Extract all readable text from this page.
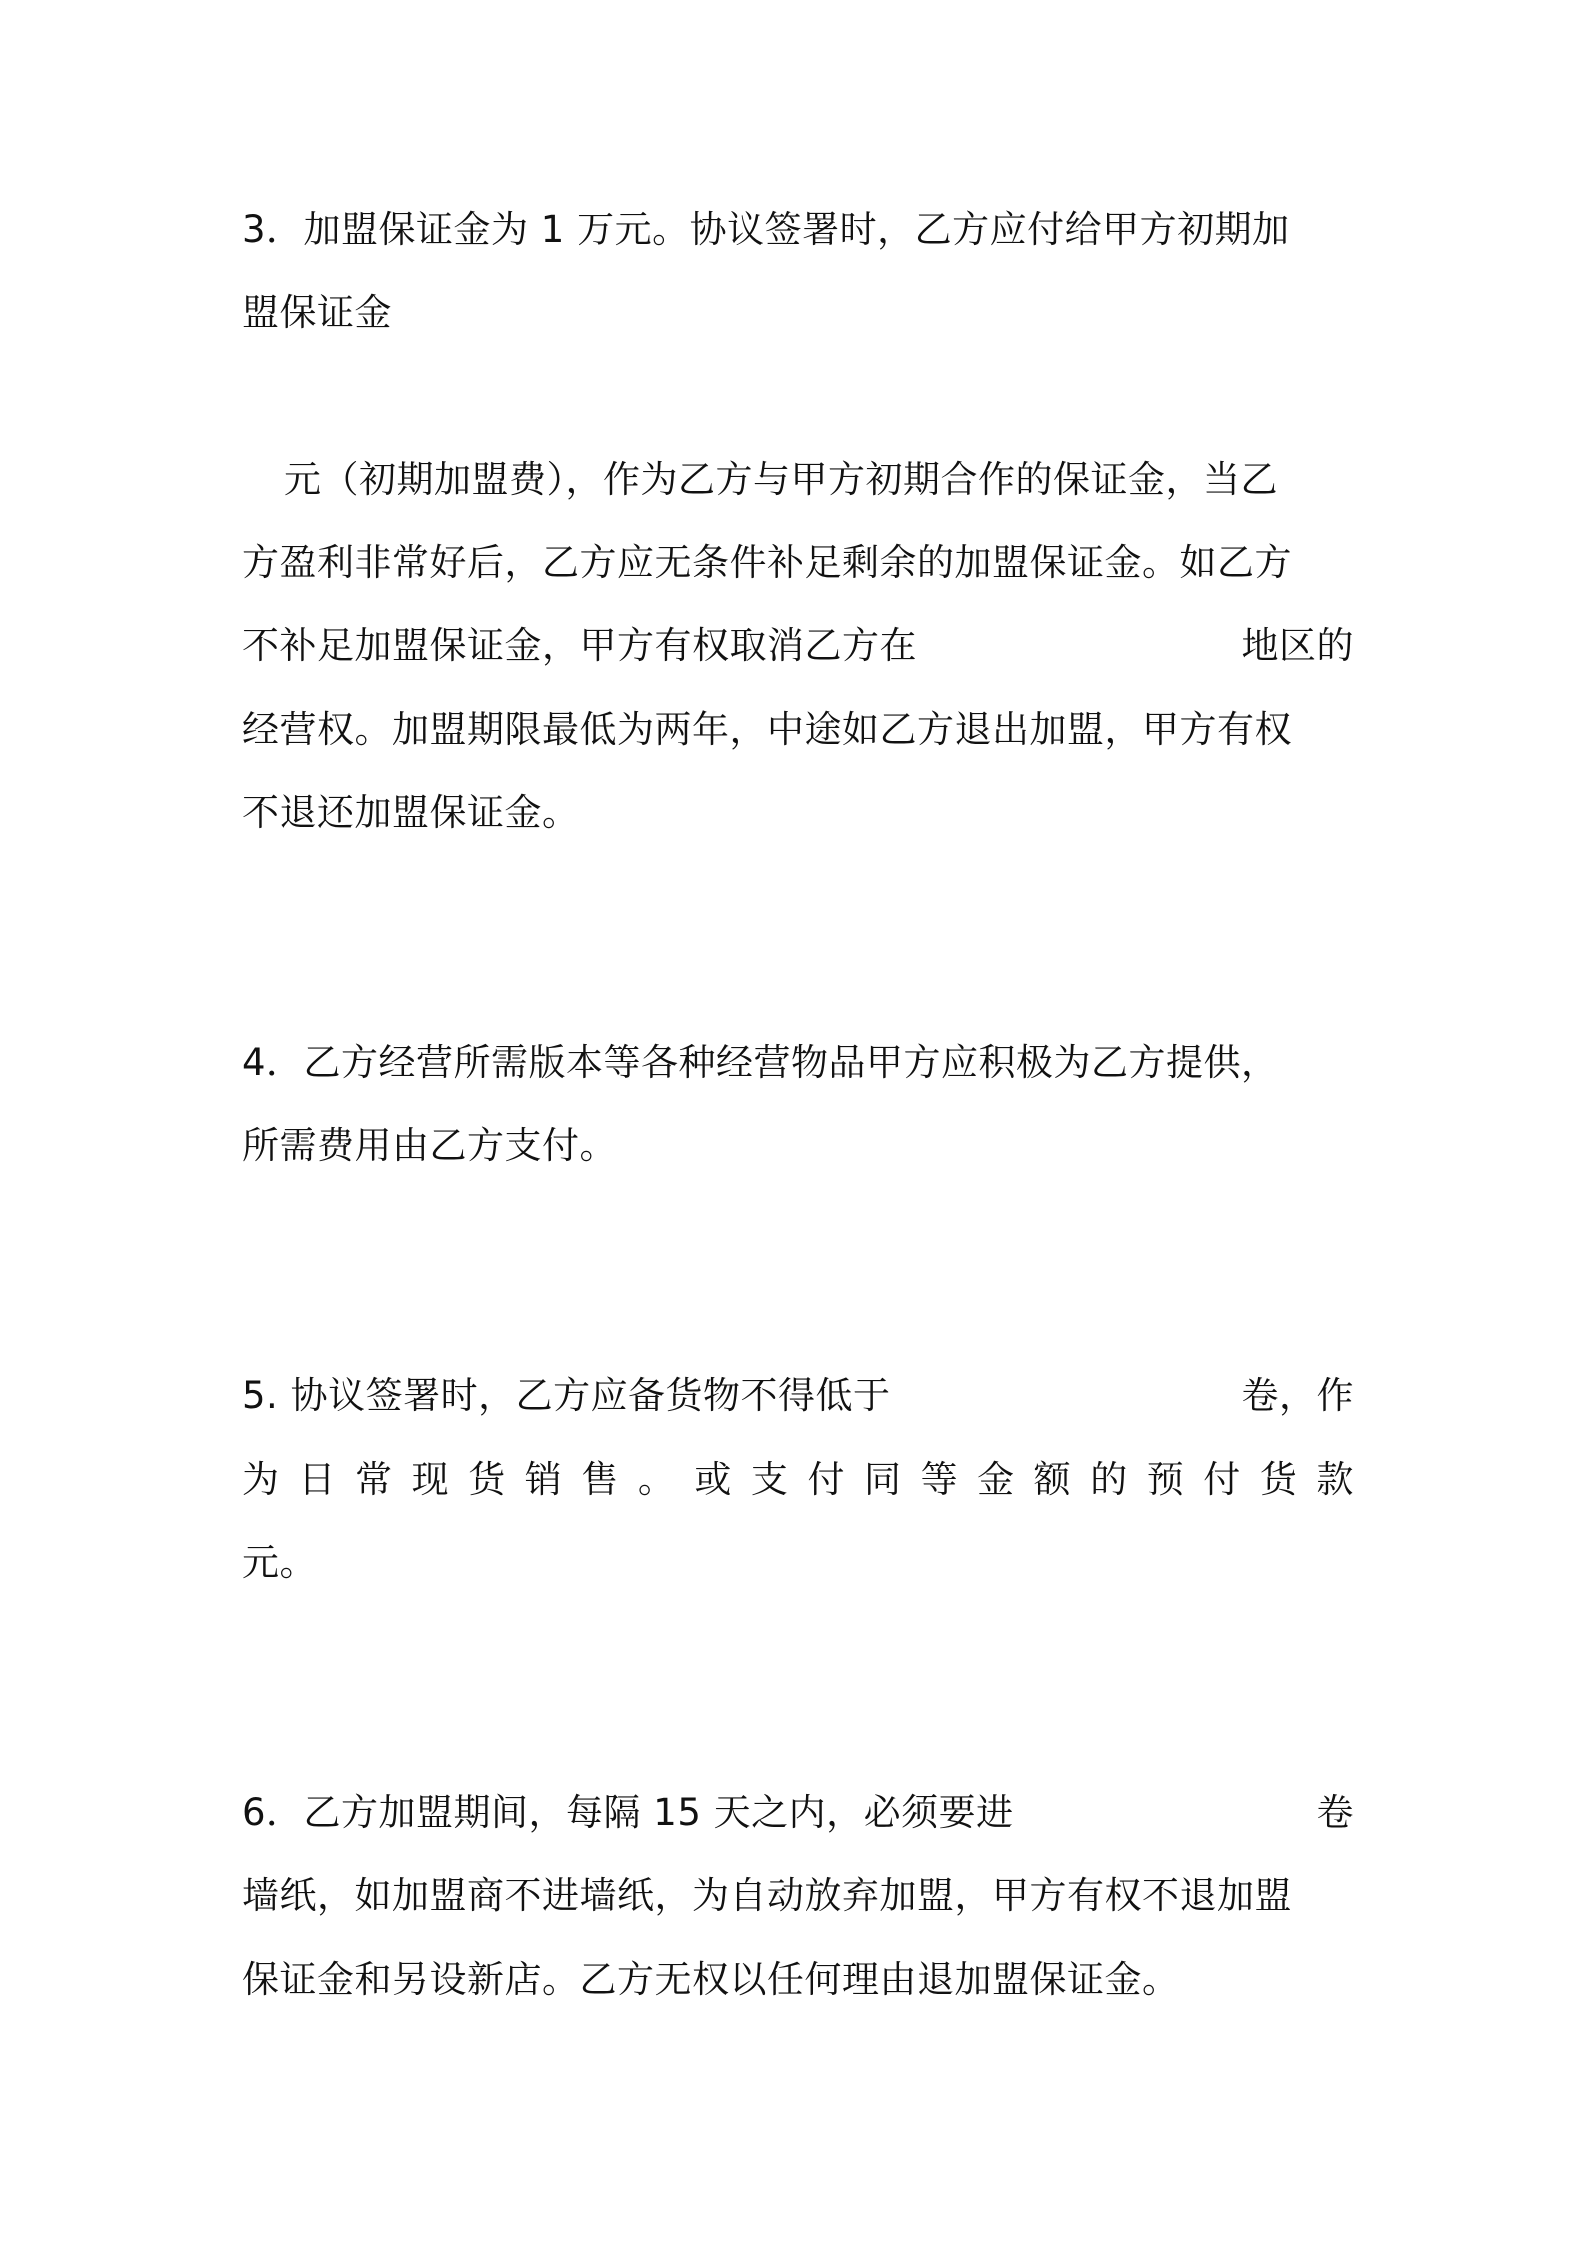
3．加盟保证金为 1 万元。协议签署时，乙方应付给甲方初期加
盟保证金
元（初期加盟费），作为乙方与甲方初期合作的保证金，当乙
方盈利非常好后，乙方应无条件补足剩余的加盟保证金。如乙方
不补足加盟保证金，甲方有权取消乙方在	地区的
经营权。加盟期限最低为两年，中途如乙方退出加盟，甲方有权
不退还加盟保证金。
4．乙方经营所需版本等各种经营物品甲方应积极为乙方提供，
所需费用由乙方支付。
5. 协议签署时，乙方应备货物不得低于	卷，作
为 日 常 现 货 销 售 。 或 支 付 同 等 金 额 的 预 付 货 款
元。
6．乙方加盟期间，每隔 15 天之内，必须要进	卷
墙纸，如加盟商不进墙纸，为自动放弃加盟，甲方有权不退加盟
保证金和另设新店。乙方无权以任何理由退加盟保证金。
